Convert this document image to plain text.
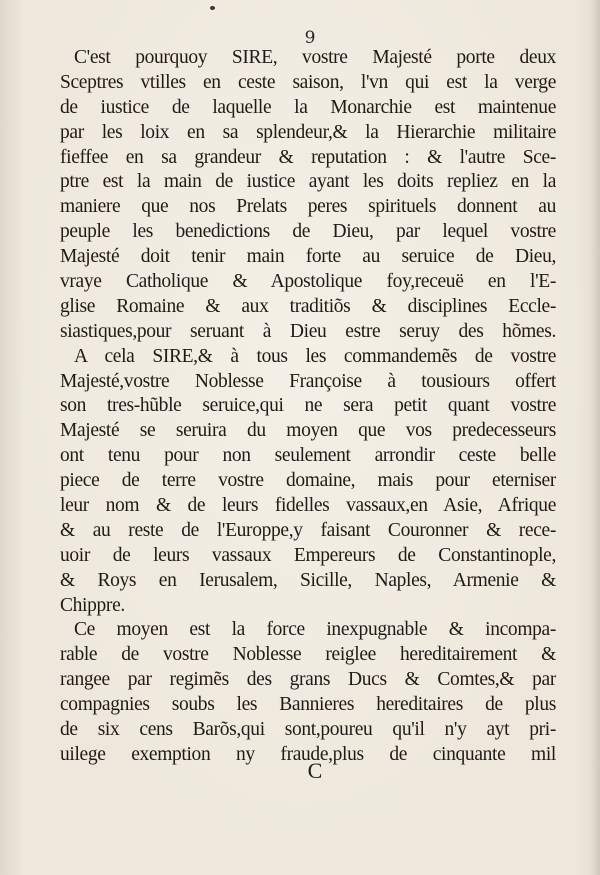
9
C'est pourquoy SIRE, vostre Majesté porte deux
Sceptres vtilles en ceste saison, l'vn qui est la verge
de iustice de laquelle la Monarchie est maintenue
par les loix en sa splendeur,& la Hierarchie militaire
fieffee en sa grandeur & reputation : & l'autre Sce-
ptre est la main de iustice ayant les doits repliez en la
maniere que nos Prelats peres spirituels donnent au
peuple les benedictions de Dieu, par lequel vostre
Majesté doit tenir main forte au seruice de Dieu,
vraye Catholique & Apostolique foy,receuë en l'E-
glise Romaine & aux traditiõs & disciplines Eccle-
siastiques,pour seruant à Dieu estre seruy des hõmes.
A cela SIRE,& à tous les commandemẽs de vostre
Majesté,vostre Noblesse Françoise à tousiours offert
son tres-hũble seruice,qui ne sera petit quant vostre
Majesté se seruira du moyen que vos predecesseurs
ont tenu pour non seulement arrondir ceste belle
piece de terre vostre domaine, mais pour eterniser
leur nom & de leurs fidelles vassaux,en Asie, Afrique
& au reste de l'Europpe,y faisant Couronner & rece-
uoir de leurs vassaux Empereurs de Constantinople,
& Roys en Ierusalem, Sicille, Naples, Armenie &
Chippre.
Ce moyen est la force inexpugnable & incompa-
rable de vostre Noblesse reiglee hereditairement &
rangee par regimẽs des grans Ducs & Comtes,& par
compagnies soubs les Bannieres hereditaires de plus
de six cens Barõs,qui sont,poureu qu'il n'y ayt pri-
uilege exemption ny fraude,plus de cinquante mil
C
